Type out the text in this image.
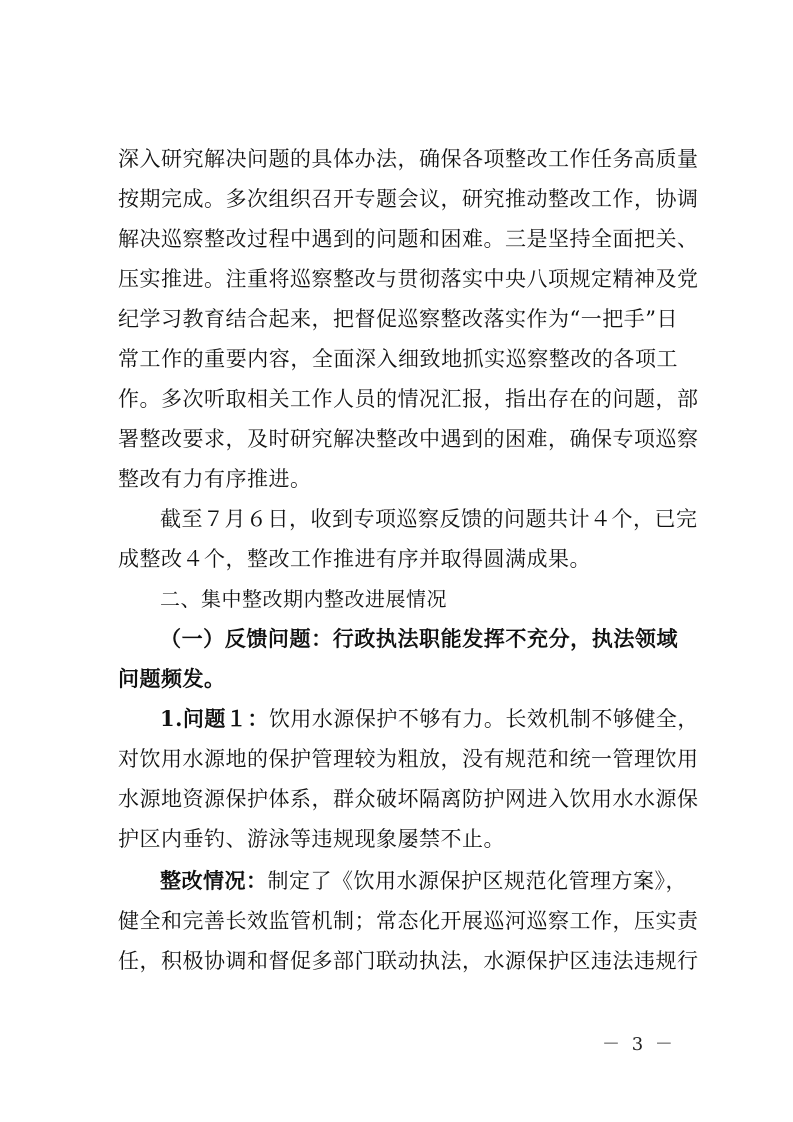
深入研究解决问题的具体办法，确保各项整改工作任务高质量
按期完成。多次组织召开专题会议，研究推动整改工作，协调
解决巡察整改过程中遇到的问题和困难。三是坚持全面把关、
压实推进。注重将巡察整改与贯彻落实中央八项规定精神及党
纪学习教育结合起来，把督促巡察整改落实作为“一把手”日
常工作的重要内容，全面深入细致地抓实巡察整改的各项工
作。多次听取相关工作人员的情况汇报，指出存在的问题，部
署整改要求，及时研究解决整改中遇到的困难，确保专项巡察
整改有力有序推进。
截至７月６日，收到专项巡察反馈的问题共计４个，已完
成整改４个，整改工作推进有序并取得圆满成果。
二、集中整改期内整改进展情况
（一）反馈问题：行政执法职能发挥不充分，执法领域
问题频发。
1.问题１：饮用水源保护不够有力。长效机制不够健全，
对饮用水源地的保护管理较为粗放，没有规范和统一管理饮用
水源地资源保护体系，群众破坏隔离防护网进入饮用水水源保
护区内垂钓、游泳等违规现象屡禁不止。
整改情况：制定了《饮用水源保护区规范化管理方案》，
健全和完善长效监管机制；常态化开展巡河巡察工作，压实责
任，积极协调和督促多部门联动执法，水源保护区违法违规行
－ 3 －
